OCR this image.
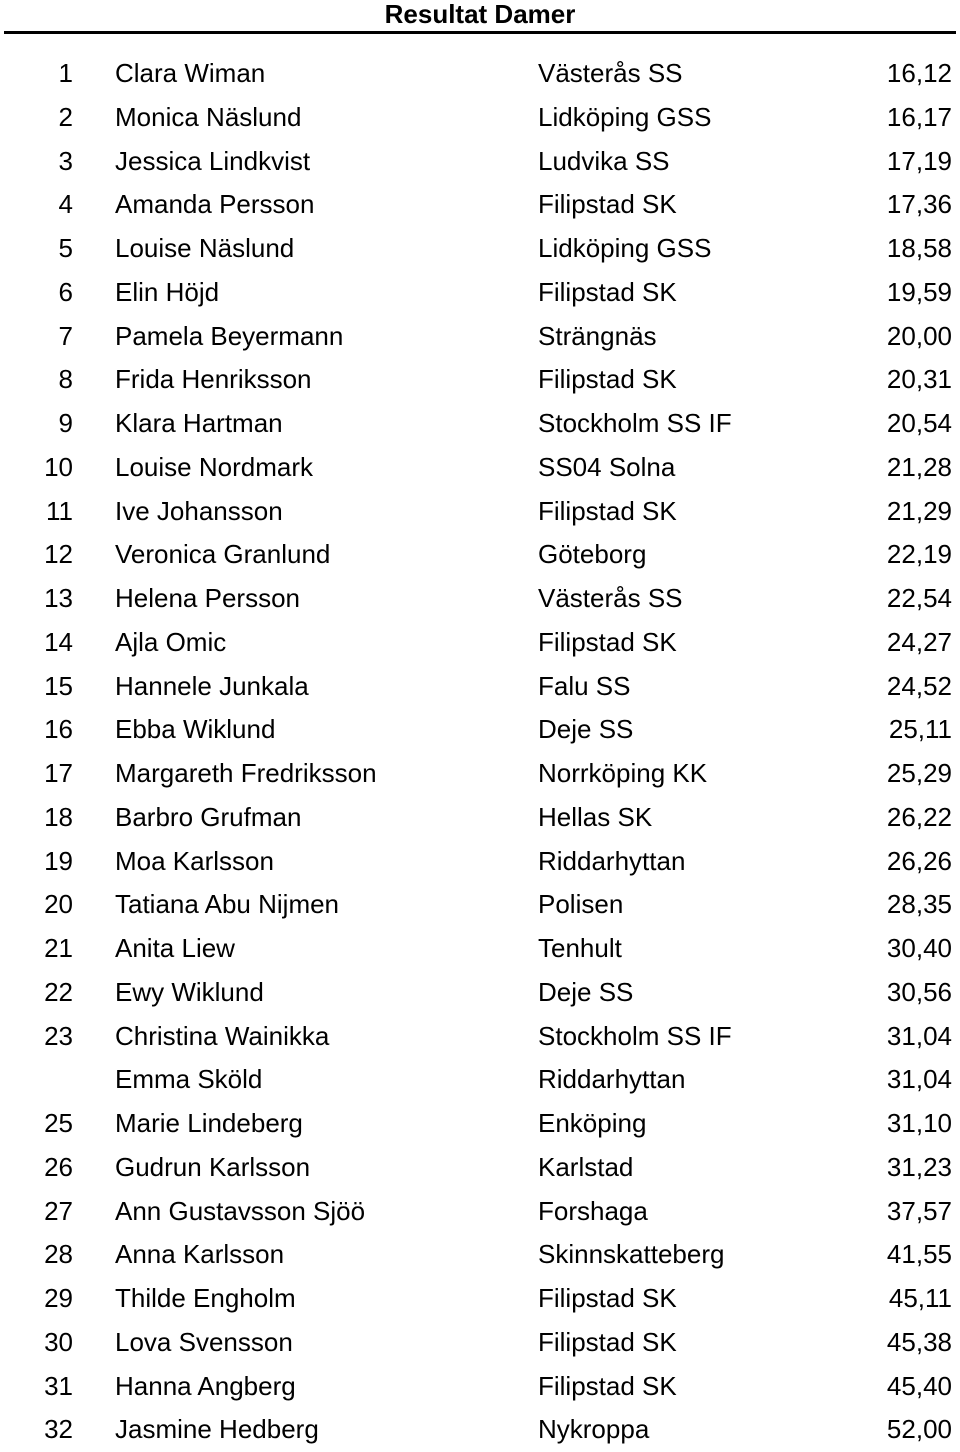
Resultat Damer
1 Clara Wiman	Västerås SS	16,12
2 Monica Näslund	Lidköping GSS	16,17
3 Jessica Lindkvist	Ludvika SS	17,19
4 Amanda Persson	Filipstad SK	17,36
5 Louise Näslund	Lidköping GSS	18,58
6 Elin Höjd	Filipstad SK	19,59
7 Pamela Beyermann	Strängnäs	20,00
8 Frida Henriksson	Filipstad SK	20,31
9 Klara Hartman	Stockholm SS IF	20,54
10 Louise Nordmark	SS04 Solna	21,28
11 Ive Johansson	Filipstad SK	21,29
12 Veronica Granlund	Göteborg	22,19
13 Helena Persson	Västerås SS	22,54
14 Ajla Omic	Filipstad SK	24,27
15 Hannele Junkala	Falu SS	24,52
16 Ebba Wiklund	Deje SS	25,11
17 Margareth Fredriksson	Norrköping KK	25,29
18 Barbro Grufman	Hellas SK	26,22
19 Moa Karlsson	Riddarhyttan	26,26
20 Tatiana Abu Nijmen	Polisen	28,35
21 Anita Liew	Tenhult	30,40
22 Ewy Wiklund	Deje SS	30,56
23 Christina Wainikka	Stockholm SS IF	31,04
Emma Sköld	Riddarhyttan	31,04
25 Marie Lindeberg	Enköping	31,10
26 Gudrun Karlsson	Karlstad	31,23
27 Ann Gustavsson Sjöö	Forshaga	37,57
28 Anna Karlsson	Skinnskatteberg	41,55
29 Thilde Engholm	Filipstad SK	45,11
30 Lova Svensson	Filipstad SK	45,38
31 Hanna Angberg	Filipstad SK	45,40
32 Jasmine Hedberg	Nykroppa	52,00
